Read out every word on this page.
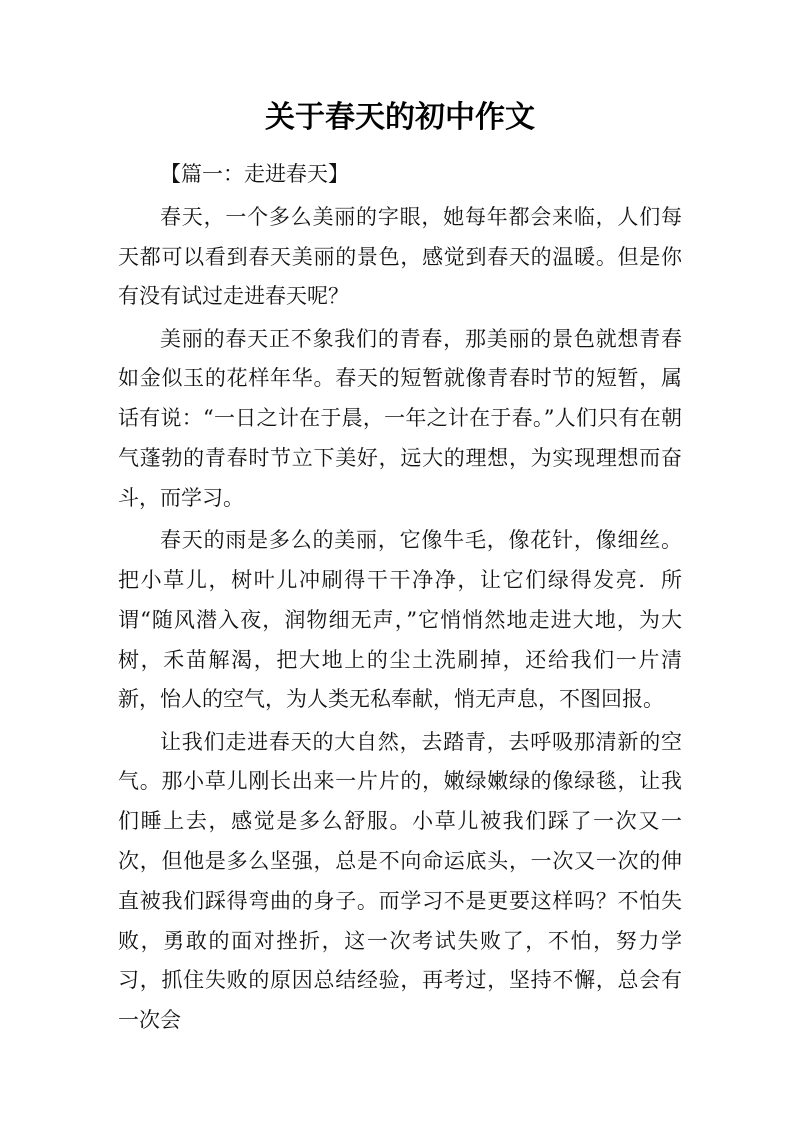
关于春天的初中作文

【篇一：走进春天】

春天，一个多么美丽的字眼，她每年都会来临，人们每天都可以看到春天美丽的景色，感觉到春天的温暖。但是你有没有试过走进春天呢？

美丽的春天正不象我们的青春，那美丽的景色就想青春如金似玉的花样年华。春天的短暂就像青春时节的短暂，属话有说：“一日之计在于晨，一年之计在于春。”人们只有在朝气蓬勃的青春时节立下美好，远大的理想，为实现理想而奋斗，而学习。

春天的雨是多么的美丽，它像牛毛，像花针，像细丝。把小草儿，树叶儿冲刷得干干净净，让它们绿得发亮．所谓“随风潜入夜，润物细无声，”它悄悄然地走进大地，为大树，禾苗解渴，把大地上的尘土洗刷掉，还给我们一片清新，怡人的空气，为人类无私奉献，悄无声息，不图回报。

让我们走进春天的大自然，去踏青，去呼吸那清新的空气。那小草儿刚长出来一片片的，嫩绿嫩绿的像绿毯，让我们睡上去，感觉是多么舒服。小草儿被我们踩了一次又一次，但他是多么坚强，总是不向命运底头，一次又一次的伸直被我们踩得弯曲的身子。而学习不是更要这样吗？不怕失败，勇敢的面对挫折，这一次考试失败了，不怕，努力学习，抓住失败的原因总结经验，再考过，坚持不懈，总会有一次会
